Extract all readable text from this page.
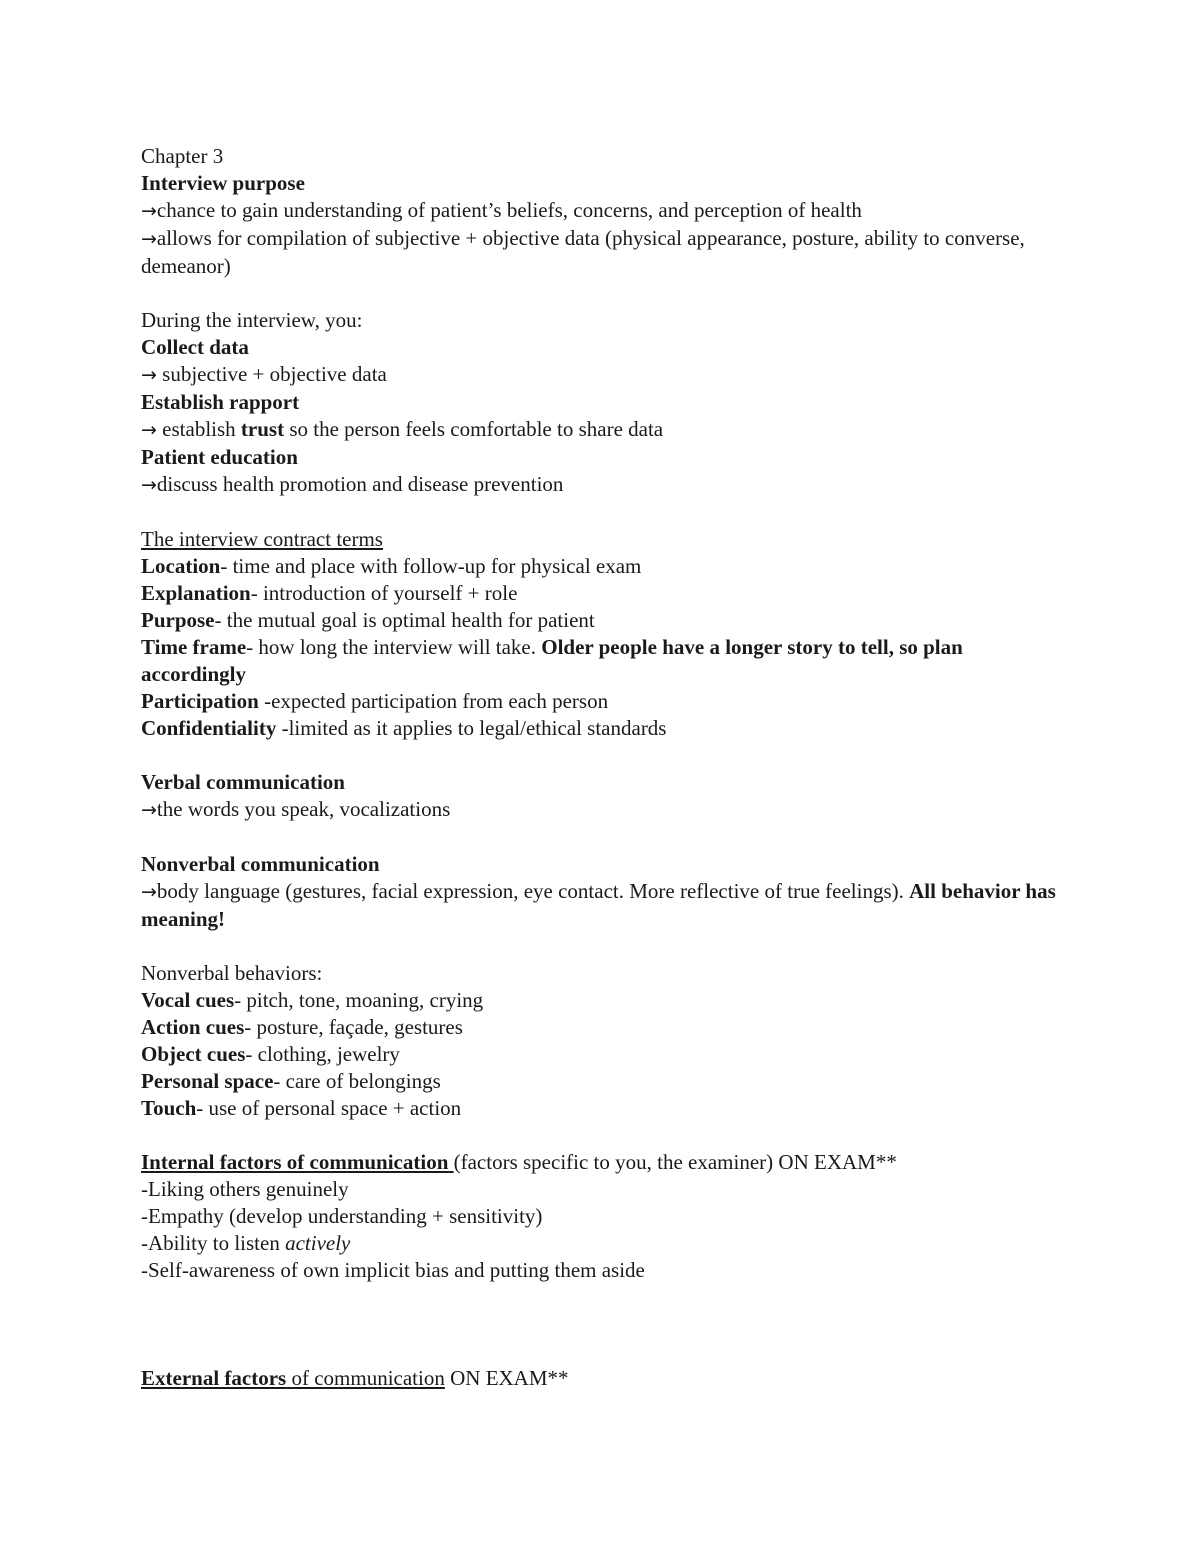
Chapter 3
Interview purpose
→chance to gain understanding of patient’s beliefs, concerns, and perception of health
→allows for compilation of subjective + objective data (physical appearance, posture, ability to converse, demeanor)
During the interview, you:
Collect data
→ subjective + objective data
Establish rapport
→ establish trust so the person feels comfortable to share data
Patient education
→discuss health promotion and disease prevention
The interview contract terms
Location- time and place with follow-up for physical exam
Explanation- introduction of yourself + role
Purpose- the mutual goal is optimal health for patient
Time frame- how long the interview will take. Older people have a longer story to tell, so plan accordingly
Participation -expected participation from each person
Confidentiality -limited as it applies to legal/ethical standards
Verbal communication
→the words you speak, vocalizations
Nonverbal communication
→body language (gestures, facial expression, eye contact. More reflective of true feelings). All behavior has meaning!
Nonverbal behaviors:
Vocal cues- pitch, tone, moaning, crying
Action cues- posture, façade, gestures
Object cues- clothing, jewelry
Personal space- care of belongings
Touch- use of personal space + action
Internal factors of communication (factors specific to you, the examiner) ON EXAM**
-Liking others genuinely
-Empathy (develop understanding + sensitivity)
-Ability to listen actively
-Self-awareness of own implicit bias and putting them aside
External factors of communication ON EXAM**
